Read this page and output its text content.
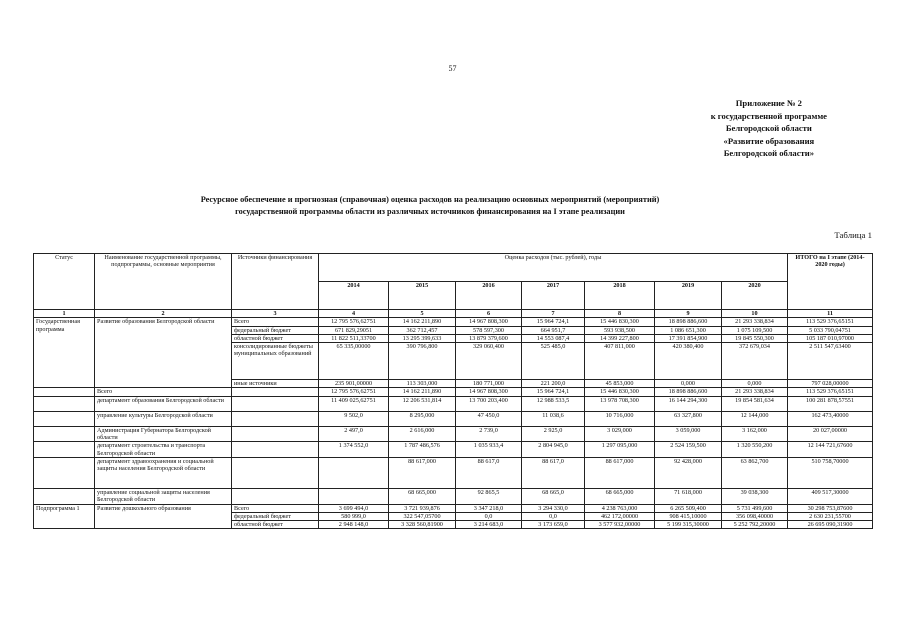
57
Приложение № 2
к государственной программе
Белгородской области
«Развитие образования
Белгородской области»
Ресурсное обеспечение и прогнозная (справочная) оценка расходов на реализацию основных мероприятий (мероприятий)
государственной программы области из различных источников финансирования на I этапе реализации
Таблица 1
Статус	Наименование государственной программы, подпрограммы, основные мероприятия	Источники финансирования	Оценка расходов (тыс. рублей), годы							ИТОГО на I этапе (2014-2020 годы)
			2014	2015	2016	2017	2018	2019	2020	
1	2	3	4	5	6	7	8	9	10	11
Государственная программа	Развитие образования Белгородской области	Всего	12 795 576,62751	14 162 211,890	14 967 808,300	15 964 724,1	15 446 830,300	18 898 886,600	21 293 338,834	113 529 376,65151
		федеральный бюджет	671 829,29051	362 712,457	578 597,300	664 951,7	593 938,500	1 086 651,300	1 075 109,500	5 033 790,04751
		областной бюджет	11 822 511,33700	13 295 399,633	13 879 379,600	14 553 087,4	14 399 227,800	17 391 854,900	19 845 550,300	105 187 010,97000
		консолидированные бюджеты муниципальных образований	65 335,00000	390 796,800	329 060,400	525 485,0	407 811,000	420 380,400	372 679,034	2 511 547,63400
		иные источники	235 901,00000	113 303,000	180 771,000	221 200,0	45 853,000	0,000	0,000	797 028,00000
	Всего		12 795 576,62751	14 162 211,890	14 967 808,300	15 964 724,1	15 446 830,300	18 898 886,600	21 293 338,834	113 529 376,65151
	департамент образования Белгородской области		11 409 025,62751	12 206 531,814	13 700 203,400	12 988 533,5	13 978 708,300	16 144 294,300	19 854 581,634	100 281 878,57551
	управление культуры Белгородской области		9 502,0	8 295,000	47 450,0	11 038,6	10 716,000	63 327,800	12 144,000	162 473,40000
	Администрация Губернатора Белгородской области		2 497,0	2 616,000	2 739,0	2 925,0	3 029,000	3 059,000	3 162,000	20 027,00000
	департамент строительства и транспорта Белгородской области		1 374 552,0	1 787 486,576	1 035 933,4	2 804 945,0	1 297 095,000	2 524 159,500	1 320 550,200	12 144 721,67600
	департамент здравоохранения и социальной защиты населения Белгородской области			88 617,000	88 617,0	88 617,0	88 617,000	92 428,000	63 862,700	510 758,70000
	управление социальной защиты населения Белгородской области			68 665,000	92 865,5	68 665,0	68 665,000	71 618,000	39 038,300	409 517,30000
Подпрограмма 1	Развитие дошкольного образования	Всего	3 699 494,0	3 721 939,876	3 347 218,0	3 294 330,0	4 238 763,000	6 265 509,400	5 731 499,600	30 298 753,87600
		федеральный бюджет	580 999,0	322 547,05700	0,0	0,0	462 172,00000	908 415,10000	356 098,40000	2 630 231,55700
		областной бюджет	2 948 148,0	3 328 560,81900	3 214 683,0	3 173 659,0	3 577 932,00000	5 199 315,30000	5 252 792,20000	26 695 090,31900
